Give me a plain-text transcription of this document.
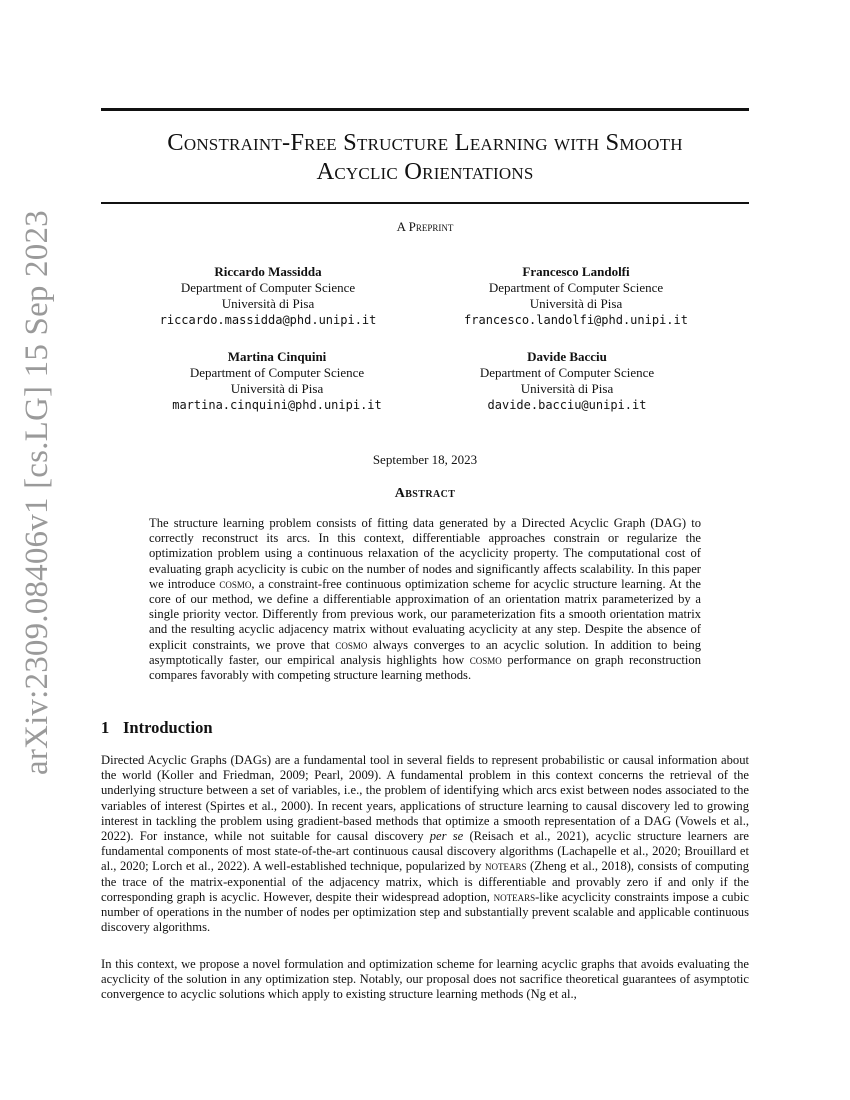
arXiv:2309.08406v1 [cs.LG] 15 Sep 2023
Constraint-Free Structure Learning with Smooth
Acyclic Orientations
A Preprint
Riccardo Massidda
Department of Computer Science
Università di Pisa
riccardo.massidda@phd.unipi.it
Francesco Landolfi
Department of Computer Science
Università di Pisa
francesco.landolfi@phd.unipi.it
Martina Cinquini
Department of Computer Science
Università di Pisa
martina.cinquini@phd.unipi.it
Davide Bacciu
Department of Computer Science
Università di Pisa
davide.bacciu@unipi.it
September 18, 2023
Abstract
The structure learning problem consists of fitting data generated by a Directed Acyclic Graph (DAG) to correctly reconstruct its arcs. In this context, differentiable approaches constrain or regularize the optimization problem using a continuous relaxation of the acyclicity property. The computational cost of evaluating graph acyclicity is cubic on the number of nodes and significantly affects scalability. In this paper we introduce cosmo, a constraint-free continuous optimization scheme for acyclic structure learning. At the core of our method, we define a differentiable approximation of an orientation matrix parameterized by a single priority vector. Differently from previous work, our parameterization fits a smooth orientation matrix and the resulting acyclic adjacency matrix without evaluating acyclicity at any step. Despite the absence of explicit constraints, we prove that cosmo always converges to an acyclic solution. In addition to being asymptotically faster, our empirical analysis highlights how cosmo performance on graph reconstruction compares favorably with competing structure learning methods.
1 Introduction

Directed Acyclic Graphs (DAGs) are a fundamental tool in several fields to represent probabilistic or causal information about the world (Koller and Friedman, 2009; Pearl, 2009). A fundamental problem in this context concerns the retrieval of the underlying structure between a set of variables, i.e., the problem of identifying which arcs exist between nodes associated to the variables of interest (Spirtes et al., 2000). In recent years, applications of structure learning to causal discovery led to growing interest in tackling the problem using gradient-based methods that optimize a smooth representation of a DAG (Vowels et al., 2022). For instance, while not suitable for causal discovery per se (Reisach et al., 2021), acyclic structure learners are fundamental components of most state-of-the-art continuous causal discovery algorithms (Lachapelle et al., 2020; Brouillard et al., 2020; Lorch et al., 2022). A well-established technique, popularized by notears (Zheng et al., 2018), consists of computing the trace of the matrix-exponential of the adjacency matrix, which is differentiable and provably zero if and only if the corresponding graph is acyclic. However, despite their widespread adoption, notears-like acyclicity constraints impose a cubic number of operations in the number of nodes per optimization step and substantially prevent scalable and applicable continuous discovery algorithms.

In this context, we propose a novel formulation and optimization scheme for learning acyclic graphs that avoids evaluating the acyclicity of the solution in any optimization step. Notably, our proposal does not sacrifice theoretical guarantees of asymptotic convergence to acyclic solutions which apply to existing structure learning methods (Ng et al.,
